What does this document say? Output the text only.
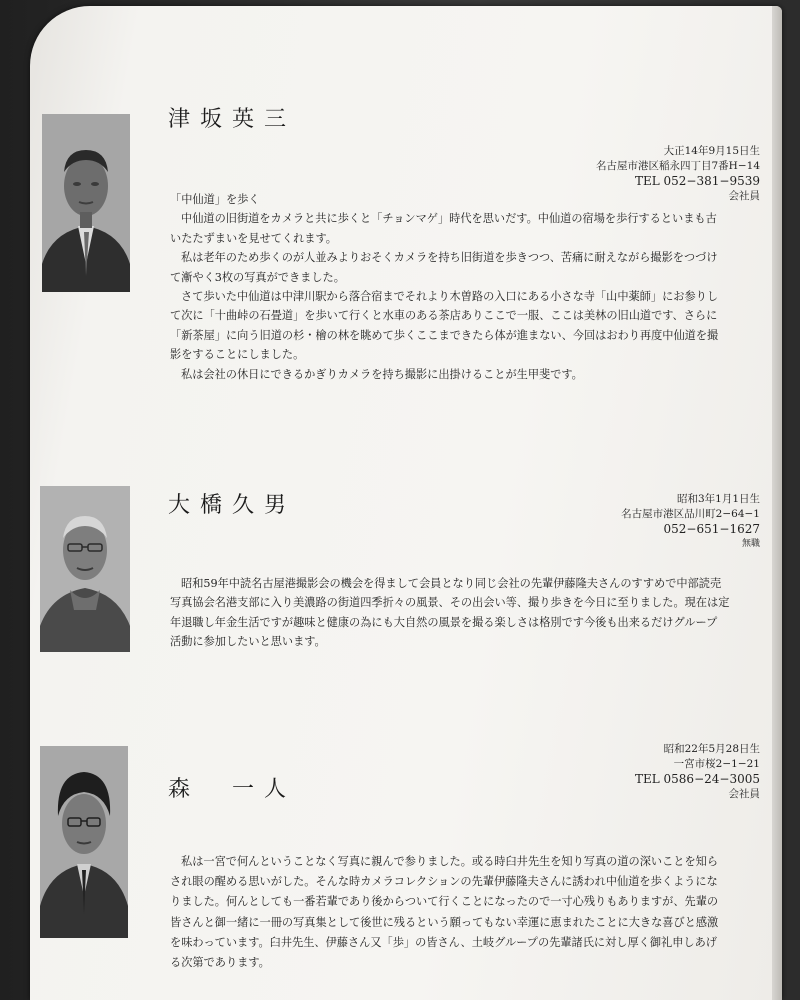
津坂英三
大正14年9月15日生
名古屋市港区稲永四丁目7番H−14
TEL 052−381−9539
会社員

「中仙道」を歩く

中仙道の旧街道をカメラと共に歩くと「チョンマゲ」時代を思いだす。中仙道の宿場を歩行するといまも古

いたたずまいを見せてくれます。

私は老年のため歩くのが人並みよりおそくカメラを持ち旧街道を歩きつつ、苦痛に耐えながら撮影をつづけ

て漸やく3枚の写真ができました。

さて歩いた中仙道は中津川駅から落合宿までそれより木曽路の入口にある小さな寺「山中薬師」にお参りし

て次に「十曲峠の石畳道」を歩いて行くと水車のある茶店ありここで一服、ここは美林の旧山道です、さらに

「新茶屋」に向う旧道の杉・檜の林を眺めて歩くここまできたら体が進まない、今回はおわり再度中仙道を撮

影をすることにしました。

私は会社の休日にできるかぎりカメラを持ち撮影に出掛けることが生甲斐です。

大橋久男	昭和3年1月1日生
名古屋市港区品川町2−64−1
052−651−1627
無職

昭和59年中読名古屋港撮影会の機会を得まして会員となり同じ会社の先輩伊藤隆夫さんのすすめで中部読売

写真協会名港支部に入り美濃路の街道四季折々の風景、その出会い等、撮り歩きを今日に至りました。現在は定

年退職し年金生活ですが趣味と健康の為にも大自然の風景を撮る楽しさは格別です今後も出来るだけグループ

活動に参加したいと思います。

森　一人
昭和22年5月28日生
一宮市桜2−1−21
TEL 0586−24−3005
会社員

私は一宮で何んということなく写真に親んで参りました。或る時臼井先生を知り写真の道の深いことを知ら

され眼の醒める思いがした。そんな時カメラコレクションの先輩伊藤隆夫さんに誘われ中仙道を歩くようにな

りました。何んとしても一番若輩であり後からついて行くことになったので一寸心残りもありますが、先輩の

皆さんと御一緒に一冊の写真集として後世に残るという願ってもない幸運に恵まれたことに大きな喜びと感激

を味わっています。臼井先生、伊藤さん又「歩」の皆さん、土岐グループの先輩諸氏に対し厚く御礼申しあげ

る次第であります。
